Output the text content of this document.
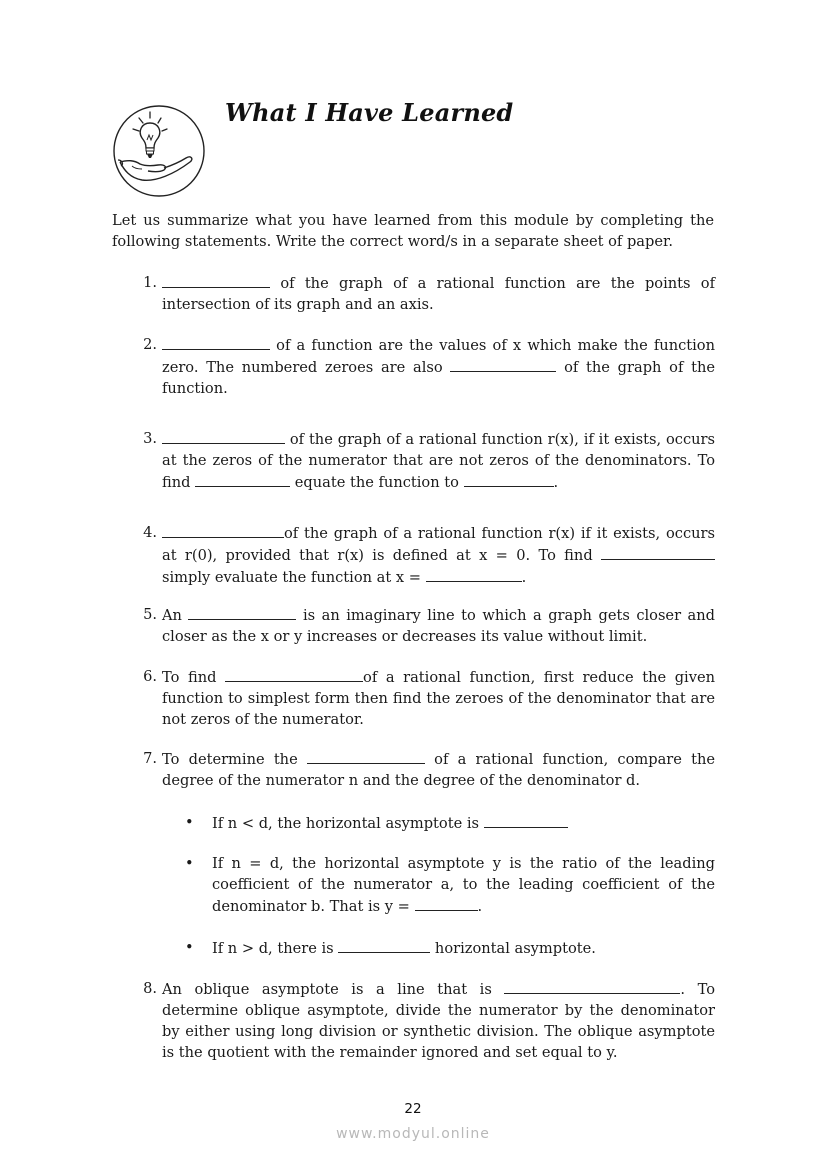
What I Have Learned

Let us summarize what you have learned from this module by completing the following statements. Write the correct word/s in a separate sheet of paper.

1.	of the graph of a rational function are the points of intersection of its graph and an axis.
2.	of a function are the values of x which make the function zero. The numbered zeroes are also	of the graph of the function.
3.	of the graph of a rational function r(x), if it exists, occurs at the zeros of the numerator that are not zeros of the denominators. To find	equate the function to	.
4.	of the graph of a rational function r(x) if it exists, occurs at r(0), provided that r(x) is defined at x = 0. To find  simply evaluate the function at x =	.
5. An	is an imaginary line to which a graph gets closer and closer as the x or y increases or decreases its value without limit.
6. To find	of a rational function, first reduce the given function to simplest form then find the zeroes of the denominator that are not zeros of the numerator.
7. To determine the	of a rational function, compare the degree of the numerator n and the degree of the denominator d.
• If n < d, the horizontal asymptote is
• If n = d, the horizontal asymptote y is the ratio of the leading coefficient of the numerator a, to the leading coefficient of the denominator b. That is y =	.
• If n > d, there is	horizontal asymptote.
8. An oblique asymptote is a line that is	. To determine oblique asymptote, divide the numerator by the denominator by either using long division or synthetic division. The oblique asymptote is the quotient with the remainder ignored and set equal to y.
22
www.modyul.online
